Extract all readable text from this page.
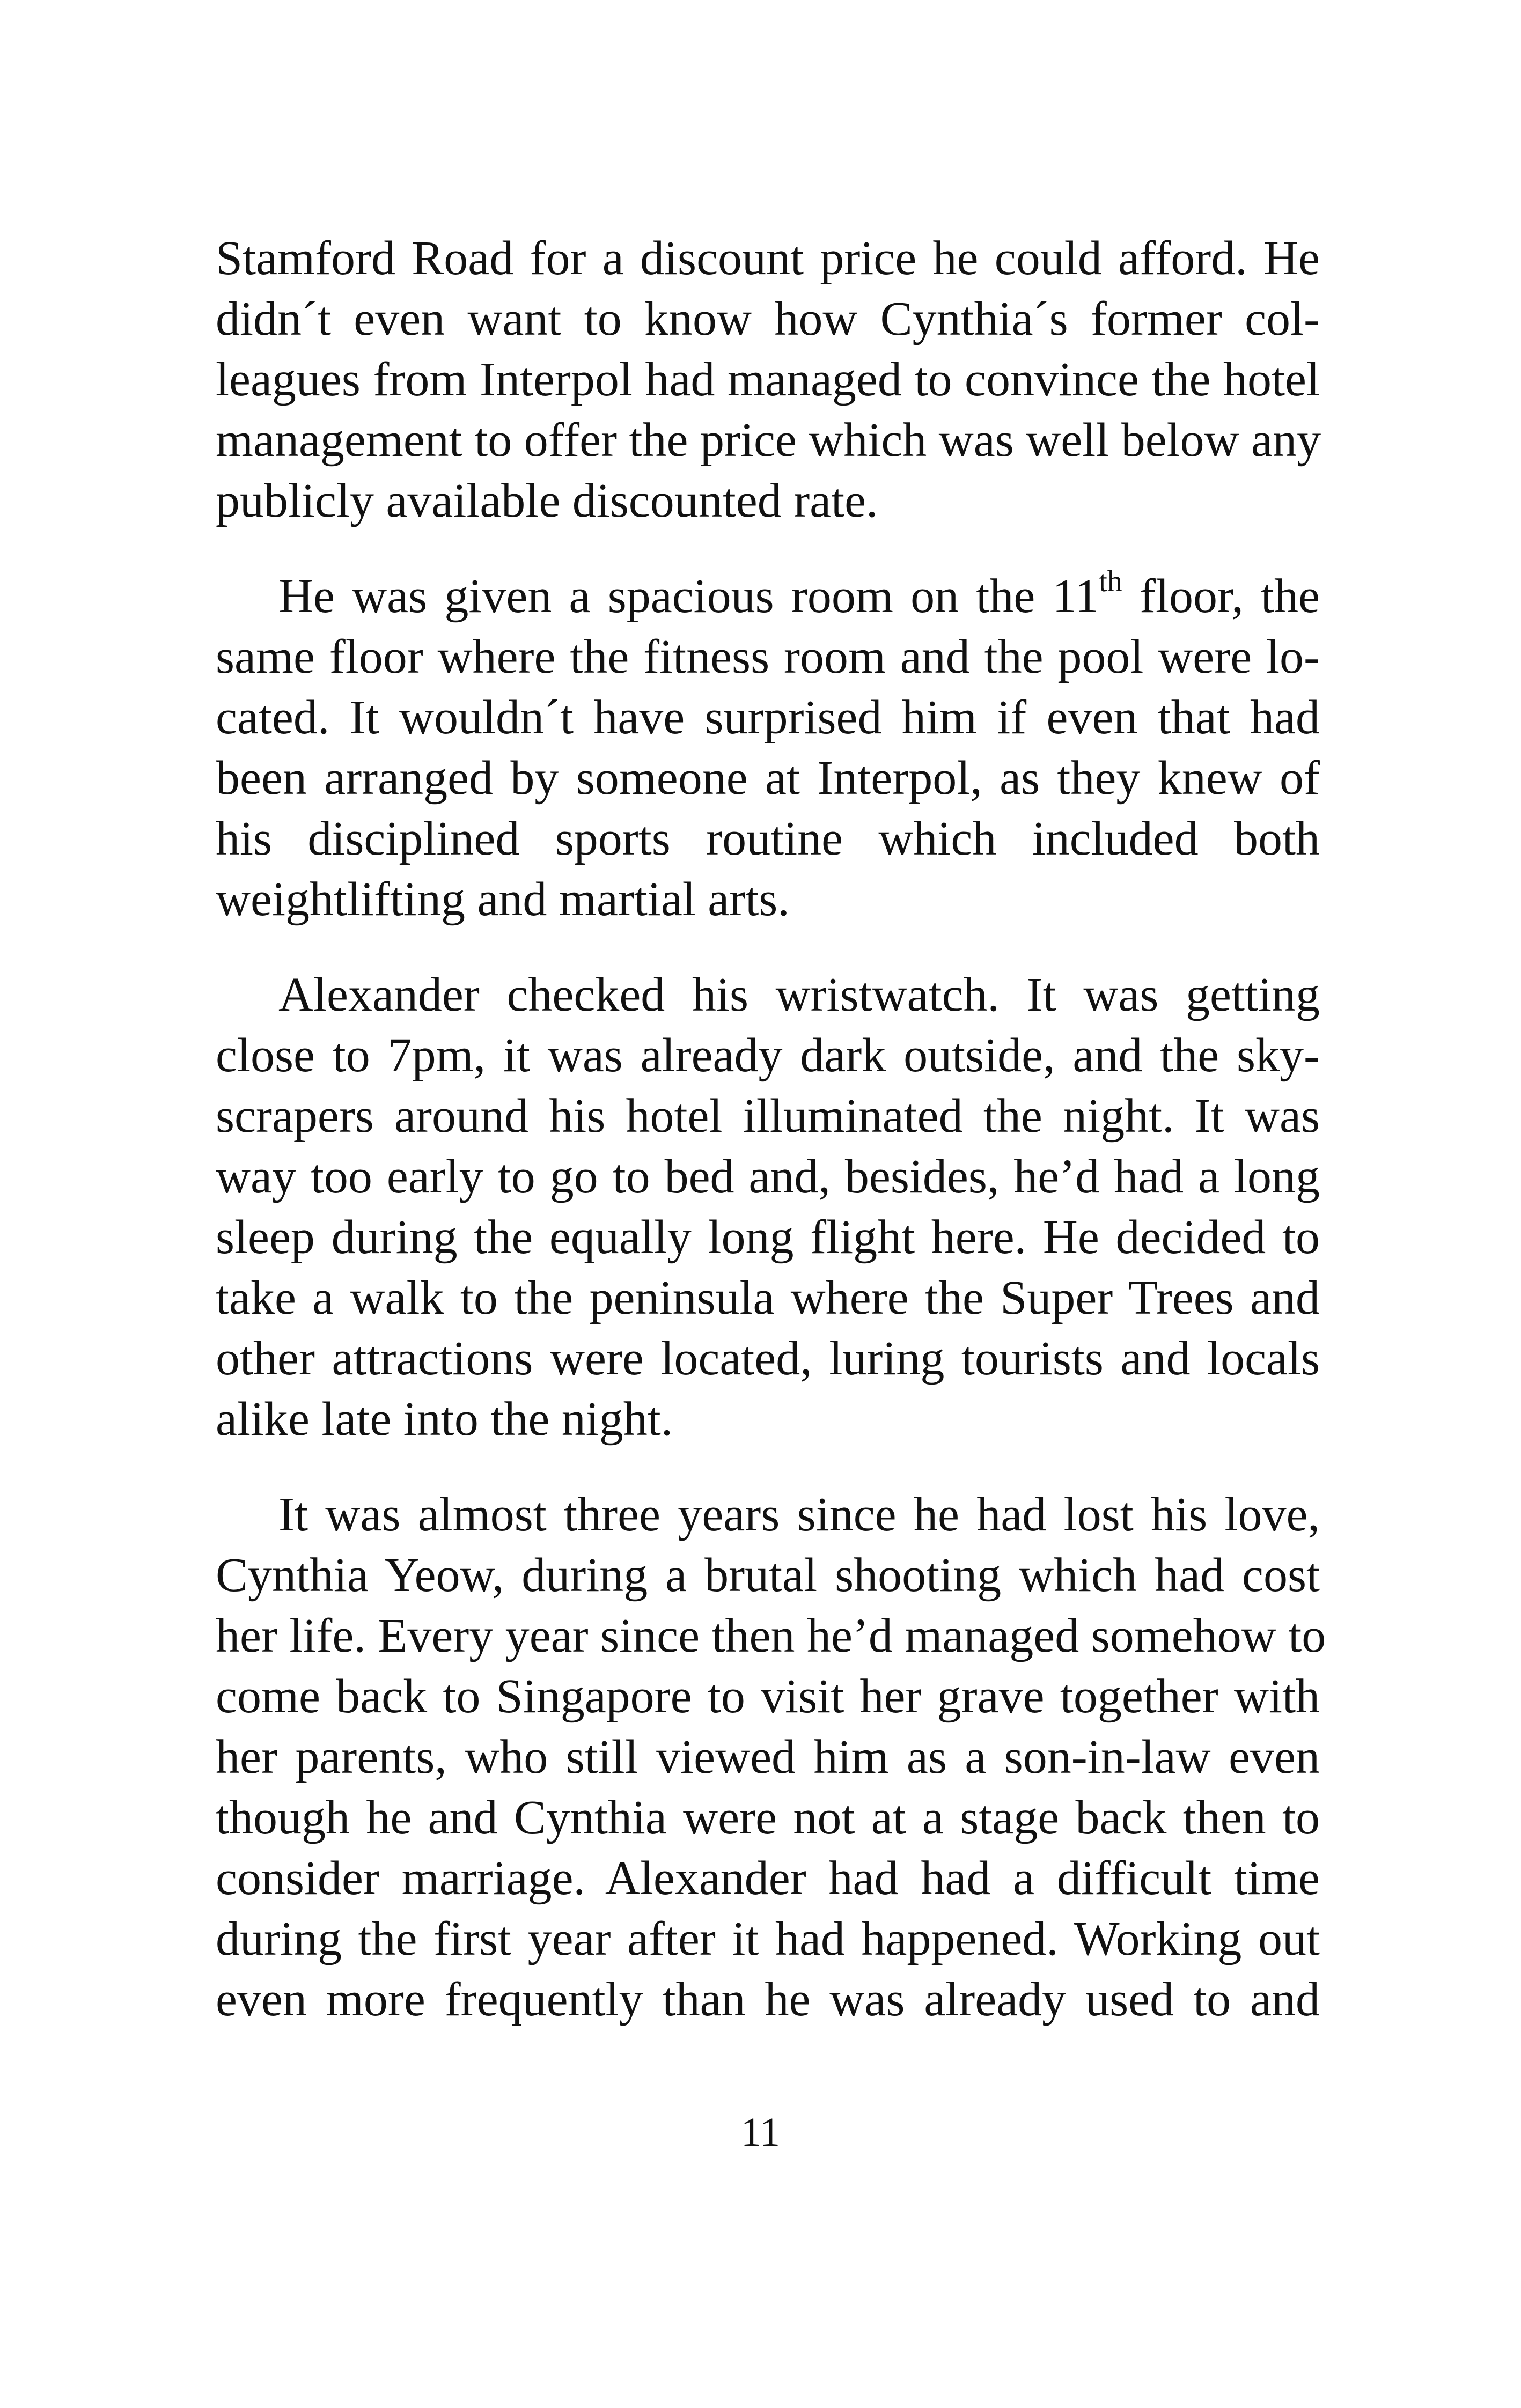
Stamford Road for a discount price he could afford. He
didn´t even want to know how Cynthia´s former col-
leagues from Interpol had managed to convince the hotel
management to offer the price which was well below any
publicly available discounted rate.

He was given a spacious room on the 11th floor, the
same floor where the fitness room and the pool were lo-
cated. It wouldn´t have surprised him if even that had
been arranged by someone at Interpol, as they knew of
his disciplined sports routine which included both
weightlifting and martial arts.

Alexander checked his wristwatch. It was getting
close to 7pm, it was already dark outside, and the sky-
scrapers around his hotel illuminated the night. It was
way too early to go to bed and, besides, he’d had a long
sleep during the equally long flight here. He decided to
take a walk to the peninsula where the Super Trees and
other attractions were located, luring tourists and locals
alike late into the night.

It was almost three years since he had lost his love,
Cynthia Yeow, during a brutal shooting which had cost
her life. Every year since then he’d managed somehow to
come back to Singapore to visit her grave together with
her parents, who still viewed him as a son-in-law even
though he and Cynthia were not at a stage back then to
consider marriage. Alexander had had a difficult time
during the first year after it had happened. Working out
even more frequently than he was already used to and

11
